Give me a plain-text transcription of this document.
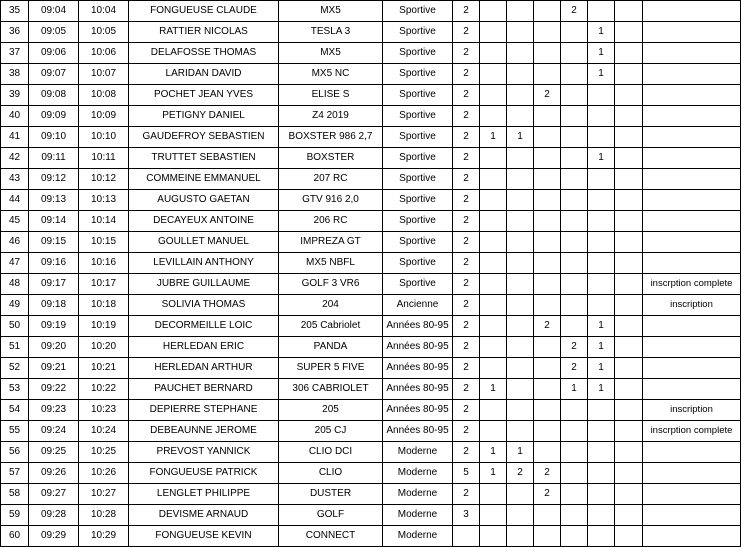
35	09:04	10:04	FONGUEUSE CLAUDE	MX5	Sportive	2				2			
36	09:05	10:05	RATTIER NICOLAS	TESLA 3	Sportive	2					1		
37	09:06	10:06	DELAFOSSE THOMAS	MX5	Sportive	2					1		
38	09:07	10:07	LARIDAN DAVID	MX5 NC	Sportive	2					1		
39	09:08	10:08	POCHET JEAN YVES	ELISE S	Sportive	2			2				
40	09:09	10:09	PETIGNY DANIEL	Z4 2019	Sportive	2							
41	09:10	10:10	GAUDEFROY SEBASTIEN	BOXSTER 986 2,7	Sportive	2	1	1					
42	09:11	10:11	TRUTTET SEBASTIEN	BOXSTER	Sportive	2					1		
43	09:12	10:12	COMMEINE EMMANUEL	207 RC	Sportive	2							
44	09:13	10:13	AUGUSTO GAETAN	GTV 916 2,0	Sportive	2							
45	09:14	10:14	DECAYEUX ANTOINE	206 RC	Sportive	2							
46	09:15	10:15	GOULLET MANUEL	IMPREZA GT	Sportive	2							
47	09:16	10:16	LEVILLAIN ANTHONY	MX5 NBFL	Sportive	2							
48	09:17	10:17	JUBRE GUILLAUME	GOLF 3 VR6	Sportive	2							inscrption complete
49	09:18	10:18	SOLIVIA THOMAS	204	Ancienne	2							inscription
50	09:19	10:19	DECORMEILLE LOIC	205 Cabriolet	Années 80-95	2			2		1		
51	09:20	10:20	HERLEDAN ERIC	PANDA	Années 80-95	2				2	1		
52	09:21	10:21	HERLEDAN ARTHUR	SUPER 5 FIVE	Années 80-95	2				2	1		
53	09:22	10:22	PAUCHET BERNARD	306 CABRIOLET	Années 80-95	2	1			1	1		
54	09:23	10:23	DEPIERRE STEPHANE	205	Années 80-95	2							inscription
55	09:24	10:24	DEBEAUNNE JEROME	205 CJ	Années 80-95	2							inscrption complete
56	09:25	10:25	PREVOST YANNICK	CLIO DCI	Moderne	2	1	1					
57	09:26	10:26	FONGUEUSE PATRICK	CLIO	Moderne	5	1	2	2				
58	09:27	10:27	LENGLET PHILIPPE	DUSTER	Moderne	2			2				
59	09:28	10:28	DEVISME ARNAUD	GOLF	Moderne	3							
60	09:29	10:29	FONGUEUSE KEVIN	CONNECT	Moderne								
